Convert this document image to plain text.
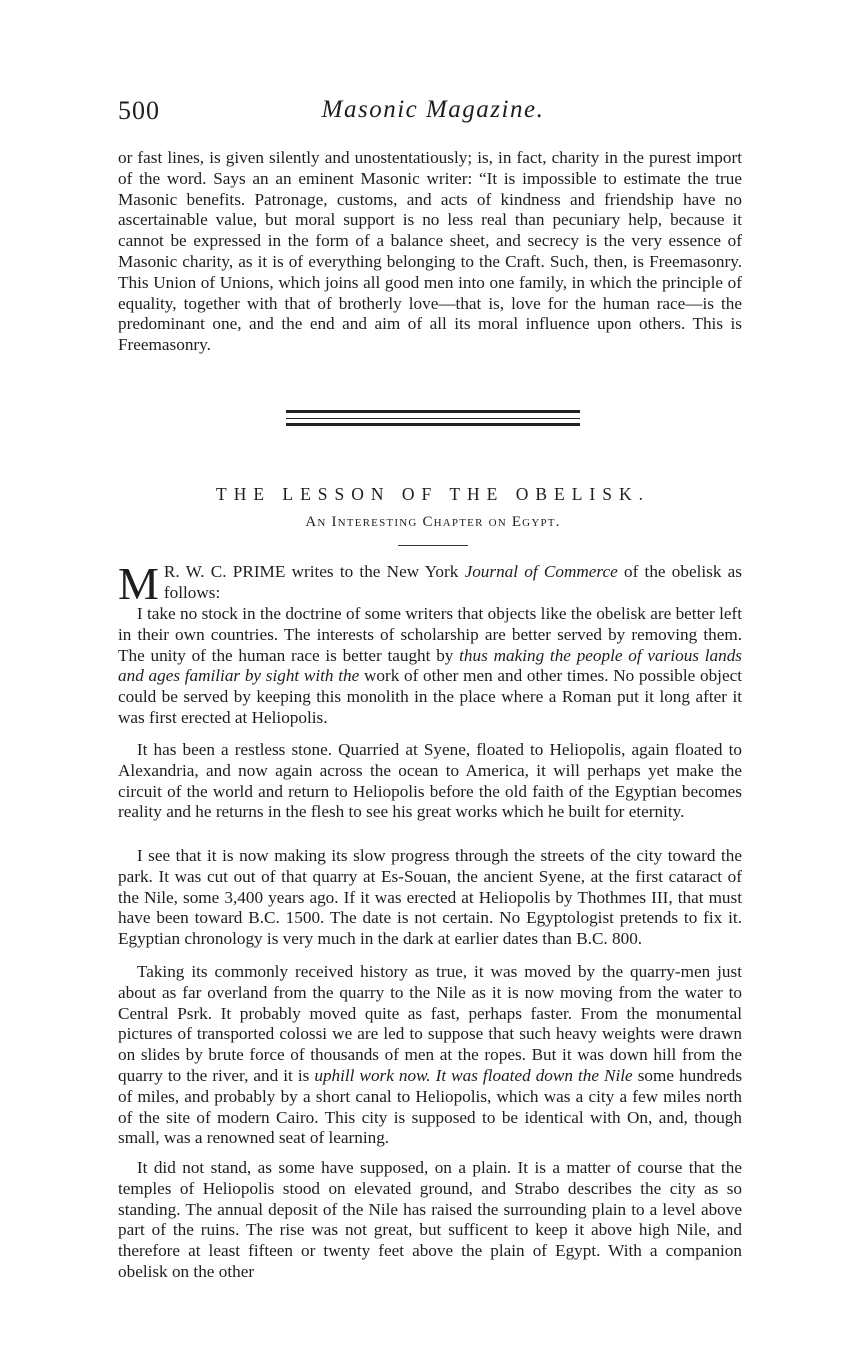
500	Masonic Magazine.

or fast lines, is given silently and unostentatiously; is, in fact, charity in the purest import of the word. Says an an eminent Masonic writer: “It is impossible to estimate the true Masonic benefits. Patronage, customs, and acts of kindness and friendship have no ascertainable value, but moral support is no less real than pecuniary help, because it cannot be expressed in the form of a balance sheet, and secrecy is the very essence of Masonic charity, as it is of everything belonging to the Craft. Such, then, is Freemasonry. This Union of Unions, which joins all good men into one family, in which the principle of equality, together with that of brotherly love—that is, love for the human race—is the predominant one, and the end and aim of all its moral influence upon others. This is Freemasonry.

THE LESSON OF THE OBELISK.
An Interesting Chapter on Egypt.

M R. W. C. PRIME writes to the New York Journal of Commerce of the obelisk as follows:

I take no stock in the doctrine of some writers that objects like the obelisk are better left in their own countries. The interests of scholarship are better served by removing them. The unity of the human race is better taught by thus making the people of various lands and ages familiar by sight with the work of other men and other times. No possible object could be served by keeping this monolith in the place where a Roman put it long after it was first erected at Heliopolis.

It has been a restless stone. Quarried at Syene, floated to Heliopolis, again floated to Alexandria, and now again across the ocean to America, it will perhaps yet make the circuit of the world and return to Heliopolis before the old faith of the Egyptian becomes reality and he returns in the flesh to see his great works which he built for eternity.

I see that it is now making its slow progress through the streets of the city toward the park. It was cut out of that quarry at Es-Souan, the ancient Syene, at the first cataract of the Nile, some 3,400 years ago. If it was erected at Heliopolis by Thothmes III, that must have been toward B.C. 1500. The date is not certain. No Egyptologist pretends to fix it. Egyptian chronology is very much in the dark at earlier dates than B.C. 800.

Taking its commonly received history as true, it was moved by the quarry-men just about as far overland from the quarry to the Nile as it is now moving from the water to Central Psrk. It probably moved quite as fast, perhaps faster. From the monumental pictures of transported colossi we are led to suppose that such heavy weights were drawn on slides by brute force of thousands of men at the ropes. But it was down hill from the quarry to the river, and it is uphill work now. It was floated down the Nile some hundreds of miles, and probably by a short canal to Heliopolis, which was a city a few miles north of the site of modern Cairo. This city is supposed to be identical with On, and, though small, was a renowned seat of learning.

It did not stand, as some have supposed, on a plain. It is a matter of course that the temples of Heliopolis stood on elevated ground, and Strabo describes the city as so standing. The annual deposit of the Nile has raised the surrounding plain to a level above part of the ruins. The rise was not great, but sufficent to keep it above high Nile, and therefore at least fifteen or twenty feet above the plain of Egypt. With a companion obelisk on the other
